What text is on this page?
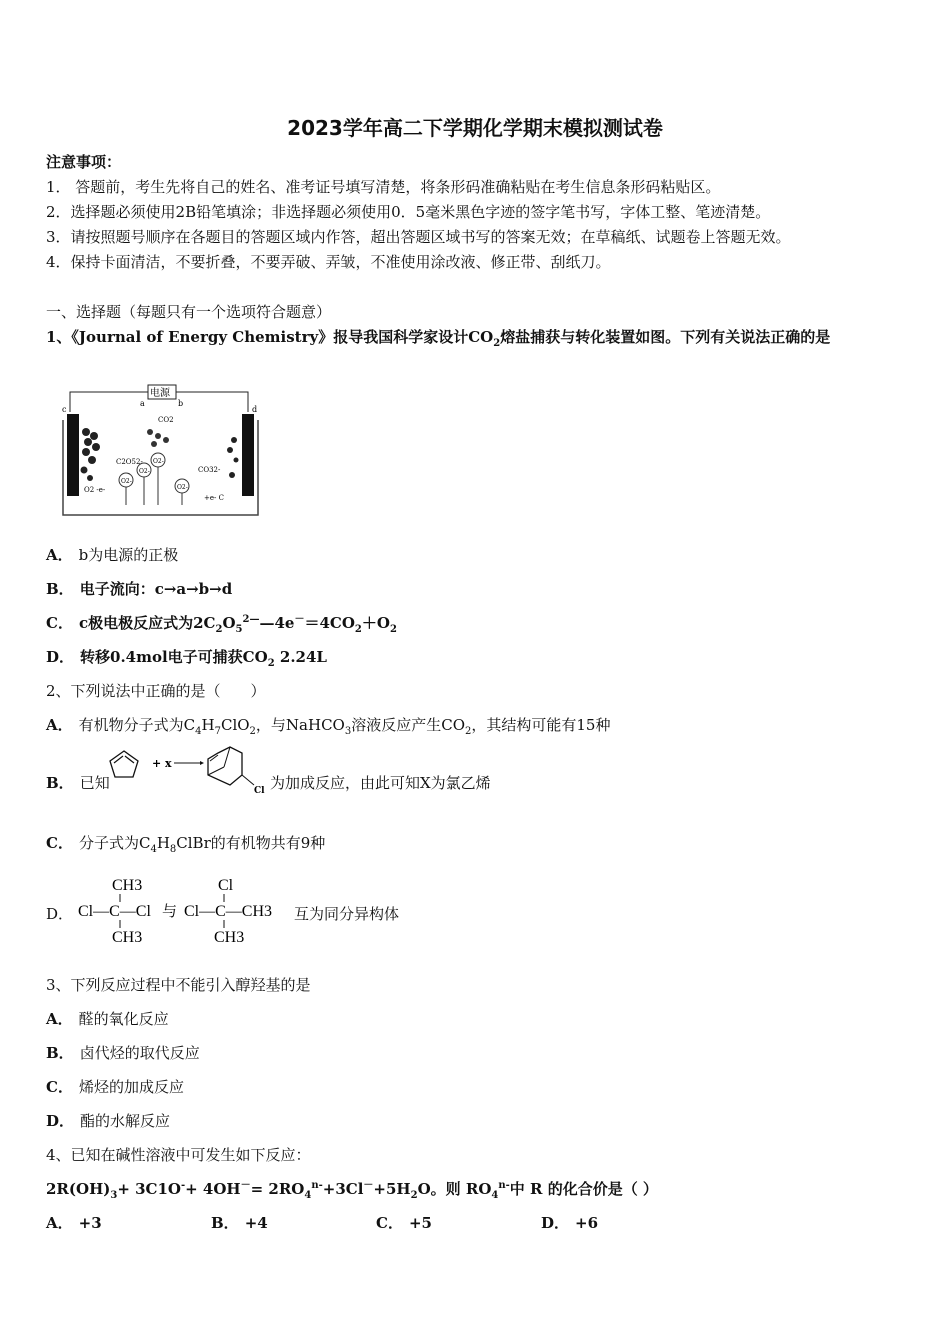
2023学年高二下学期化学期末模拟测试卷
注意事项：
1． 答题前，考生先将自己的姓名、准考证号填写清楚，将条形码准确粘贴在考生信息条形码粘贴区。
2．选择题必须使用2B铅笔填涂；非选择题必须使用0．5毫米黑色字迹的签字笔书写，字体工整、笔迹清楚。
3．请按照题号顺序在各题目的答题区域内作答，超出答题区域书写的答案无效；在草稿纸、试题卷上答题无效。
4．保持卡面清洁，不要折叠，不要弄破、弄皱，不准使用涂改液、修正带、刮纸刀。
一、选择题（每题只有一个选项符合题意）
1、《Journal of Energy Chemistry》报导我国科学家设计$CO_2$熔盐捕获与转化装置如图。下列有关说法正确的是
电源
a	b
c	d
CO2
C2O52-
CO32-
O2-
O2-
O2-
O2-
O2 -e-
+e- C
A． b为电源的正极
B． 电子流向：c→a→b→d
C． c极电极反应式为$2C_2O_5^{2—}—4e^-=4CO_2+O_2$
D． 转移0.4mol电子可捕获$CO_2$ 2.24L
2、下列说法中正确的是（　　）
A． 有机物分子式为$C_4H_7ClO_2$，与NaHCO$_3$溶液反应产生$CO_2$，其结构可能有15种
B． 已知
+ x
Cl 为加成反应，由此可知X为氯乙烯
C． 分子式为$C_4H_8ClBr$的有机物共有9种
D．
CH3
Cl—C—Cl
CH3
与
Cl
Cl—C—CH3
CH3
互为同分异构体
3、下列反应过程中不能引入醇羟基的是
A． 醛的氧化反应
B． 卤代烃的取代反应
C． 烯烃的加成反应
D． 酯的水解反应
4、已知在碱性溶液中可发生如下反应：
$2R(OH)_3+ 3C1O^-+ 4OH^-= 2RO_4^{n-}+3Cl^-+5H_2O$。则 $RO_4^{n-}$中 R 的化合价是（ ）
A． +3	B． +4	C． +5	D． +6
